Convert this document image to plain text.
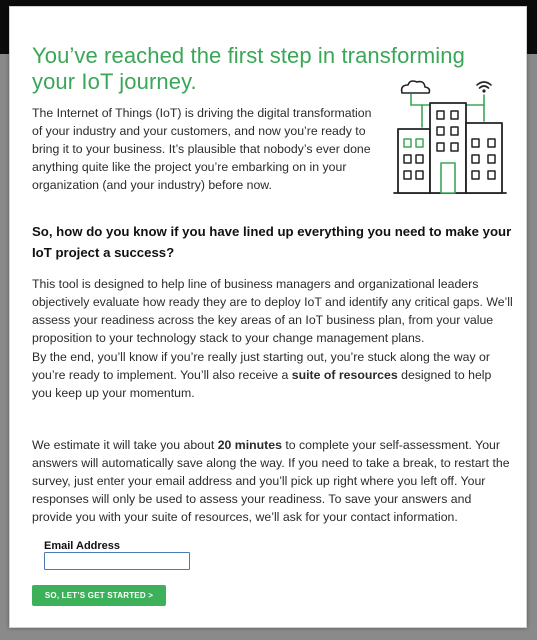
You’ve reached the first step in transforming your IoT journey.

The Internet of Things (IoT) is driving the digital transformation of your industry and your customers, and now you’re ready to bring it to your business. It’s plausible that nobody’s ever done anything quite like the project you’re embarking on in your organization (and your industry) before now.

So, how do you know if you have lined up everything you need to make your IoT project a success?

This tool is designed to help line of business managers and organizational leaders objectively evaluate how ready they are to deploy IoT and identify any critical gaps. We’ll assess your readiness across the key areas of an IoT business plan, from your value proposition to your technology stack to your change management plans.

By the end, you’ll know if you’re really just starting out, you’re stuck along the way or you’re ready to implement. You’ll also receive a suite of resources designed to help you keep up your momentum.

We estimate it will take you about 20 minutes to complete your self-assessment. Your answers will automatically save along the way. If you need to take a break, to restart the survey, just enter your email address and you’ll pick up right where you left off. Your responses will only be used to assess your readiness. To save your answers and provide you with your suite of resources, we’ll ask for your contact information.

Email Address
SO, LET’S GET STARTED >
